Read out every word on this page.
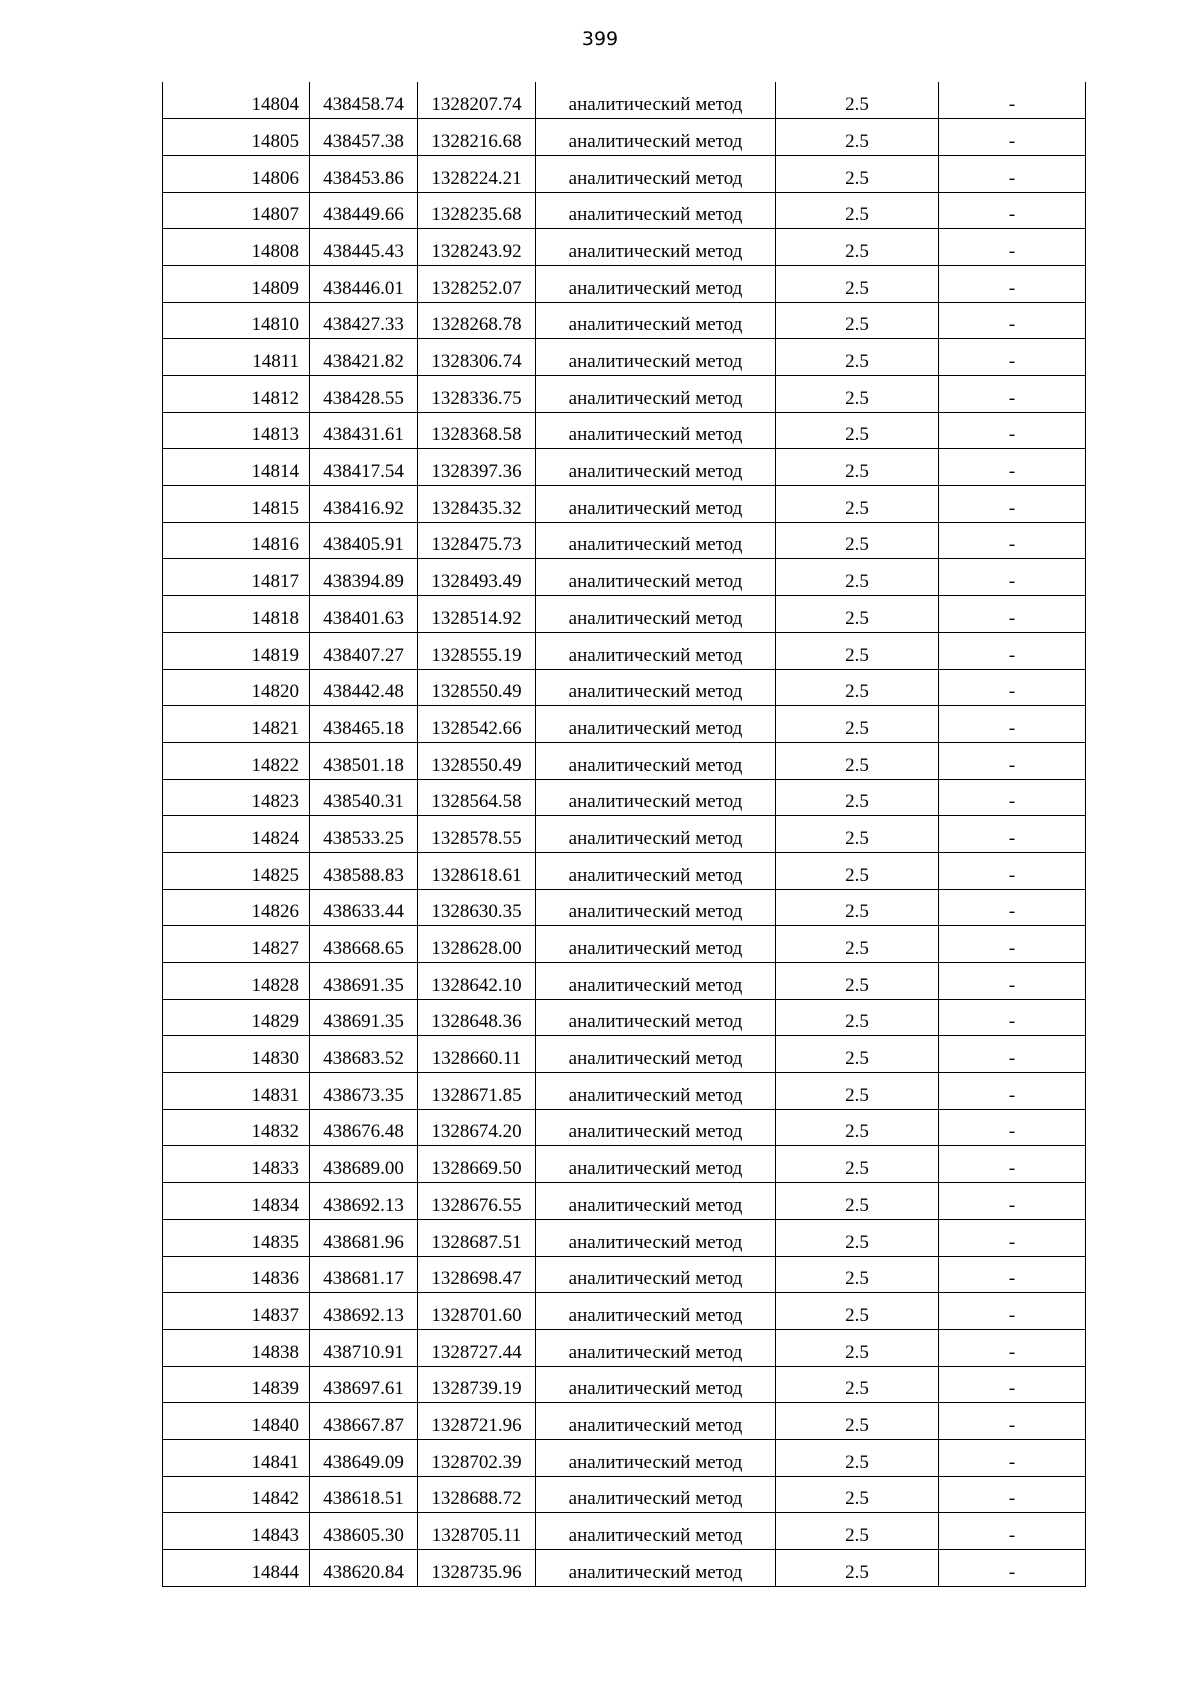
399
14804	438458.74	1328207.74	аналитический метод	2.5	-
14805	438457.38	1328216.68	аналитический метод	2.5	-
14806	438453.86	1328224.21	аналитический метод	2.5	-
14807	438449.66	1328235.68	аналитический метод	2.5	-
14808	438445.43	1328243.92	аналитический метод	2.5	-
14809	438446.01	1328252.07	аналитический метод	2.5	-
14810	438427.33	1328268.78	аналитический метод	2.5	-
14811	438421.82	1328306.74	аналитический метод	2.5	-
14812	438428.55	1328336.75	аналитический метод	2.5	-
14813	438431.61	1328368.58	аналитический метод	2.5	-
14814	438417.54	1328397.36	аналитический метод	2.5	-
14815	438416.92	1328435.32	аналитический метод	2.5	-
14816	438405.91	1328475.73	аналитический метод	2.5	-
14817	438394.89	1328493.49	аналитический метод	2.5	-
14818	438401.63	1328514.92	аналитический метод	2.5	-
14819	438407.27	1328555.19	аналитический метод	2.5	-
14820	438442.48	1328550.49	аналитический метод	2.5	-
14821	438465.18	1328542.66	аналитический метод	2.5	-
14822	438501.18	1328550.49	аналитический метод	2.5	-
14823	438540.31	1328564.58	аналитический метод	2.5	-
14824	438533.25	1328578.55	аналитический метод	2.5	-
14825	438588.83	1328618.61	аналитический метод	2.5	-
14826	438633.44	1328630.35	аналитический метод	2.5	-
14827	438668.65	1328628.00	аналитический метод	2.5	-
14828	438691.35	1328642.10	аналитический метод	2.5	-
14829	438691.35	1328648.36	аналитический метод	2.5	-
14830	438683.52	1328660.11	аналитический метод	2.5	-
14831	438673.35	1328671.85	аналитический метод	2.5	-
14832	438676.48	1328674.20	аналитический метод	2.5	-
14833	438689.00	1328669.50	аналитический метод	2.5	-
14834	438692.13	1328676.55	аналитический метод	2.5	-
14835	438681.96	1328687.51	аналитический метод	2.5	-
14836	438681.17	1328698.47	аналитический метод	2.5	-
14837	438692.13	1328701.60	аналитический метод	2.5	-
14838	438710.91	1328727.44	аналитический метод	2.5	-
14839	438697.61	1328739.19	аналитический метод	2.5	-
14840	438667.87	1328721.96	аналитический метод	2.5	-
14841	438649.09	1328702.39	аналитический метод	2.5	-
14842	438618.51	1328688.72	аналитический метод	2.5	-
14843	438605.30	1328705.11	аналитический метод	2.5	-
14844	438620.84	1328735.96	аналитический метод	2.5	-
